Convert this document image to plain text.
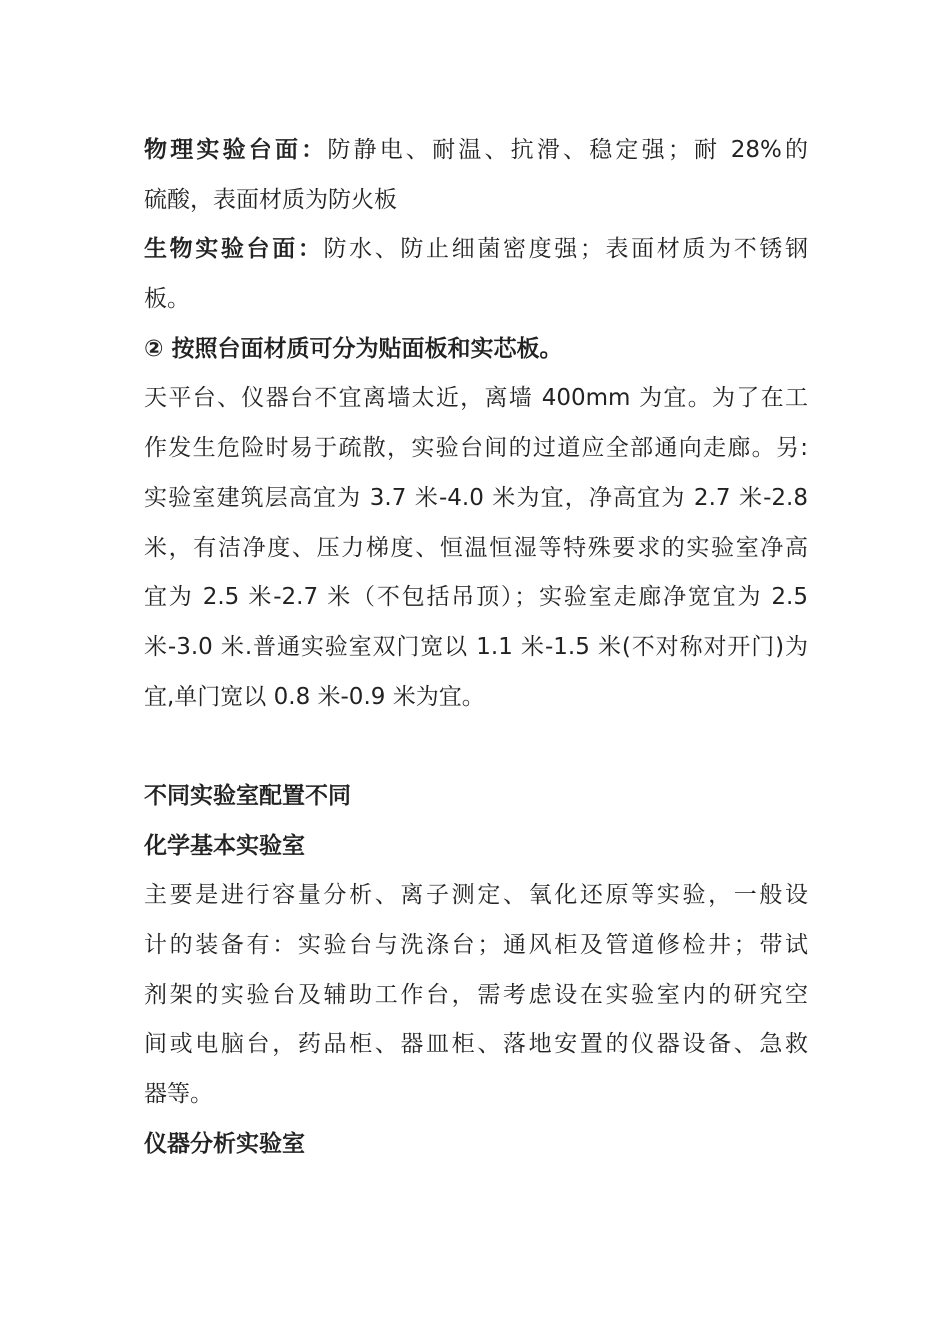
物理实验台面：防静电、耐温、抗滑、稳定强；耐 28%的
硫酸，表面材质为防火板
生物实验台面：防水、防止细菌密度强；表面材质为不锈钢
板。
② 按照台面材质可分为贴面板和实芯板。
天平台、仪器台不宜离墙太近，离墙 400mm 为宜。为了在工
作发生危险时易于疏散，实验台间的过道应全部通向走廊。另:
实验室建筑层高宜为 3.7 米-4.0 米为宜，净高宜为 2.7 米-2.8
米，有洁净度、压力梯度、恒温恒湿等特殊要求的实验室净高
宜为 2.5 米-2.7 米（不包括吊顶）；实验室走廊净宽宜为 2.5
米-3.0 米.普通实验室双门宽以 1.1 米-1.5 米(不对称对开门)为
宜,单门宽以 0.8 米-0.9 米为宜。
不同实验室配置不同
化学基本实验室
主要是进行容量分析、离子测定、氧化还原等实验，一般设
计的装备有：实验台与洗涤台；通风柜及管道修检井；带试
剂架的实验台及辅助工作台，需考虑设在实验室内的研究空
间或电脑台，药品柜、器皿柜、落地安置的仪器设备、急救
器等。
仪器分析实验室
